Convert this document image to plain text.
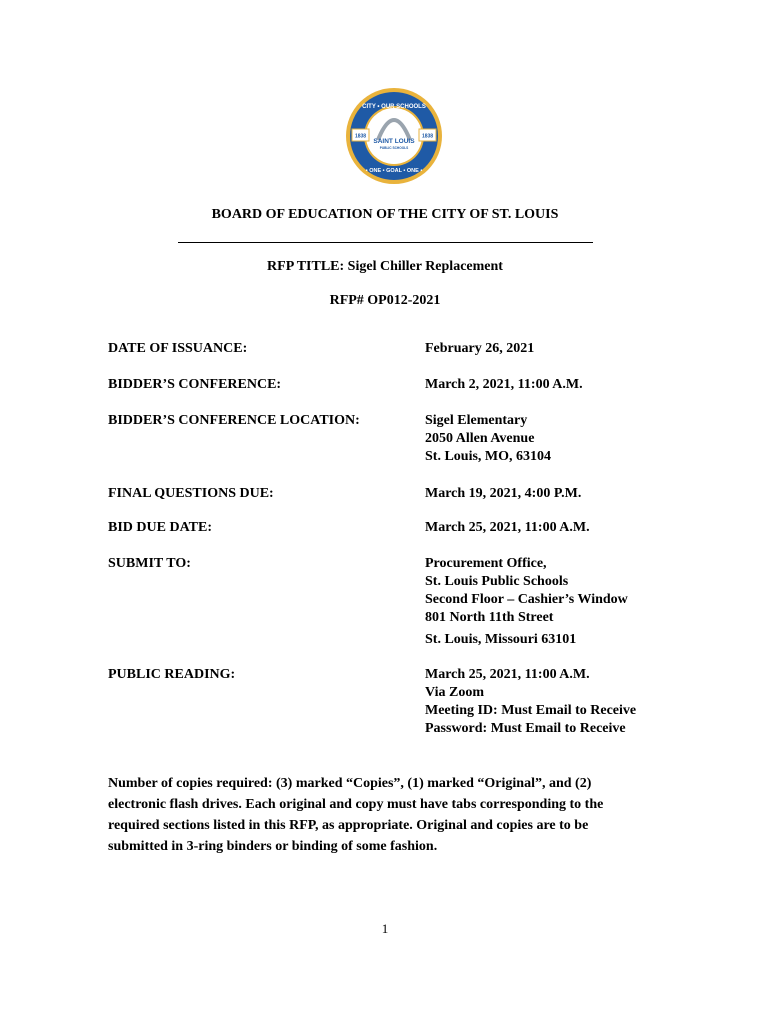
1838	1838
CITY • OUR SCHOOLS
SAINT LOUIS
PUBLIC SCHOOLS
• ONE • GOAL • ONE •
BOARD OF EDUCATION OF THE CITY OF ST. LOUIS
RFP TITLE: Sigel Chiller Replacement
RFP# OP012-2021
DATE OF ISSUANCE:	February 26, 2021
BIDDER’S CONFERENCE:	March 2, 2021, 11:00 A.M.
BIDDER’S CONFERENCE LOCATION:	Sigel Elementary
2050 Allen Avenue
St. Louis, MO, 63104
FINAL QUESTIONS DUE:	March 19, 2021, 4:00 P.M.
BID DUE DATE:	March 25, 2021, 11:00 A.M.
SUBMIT TO:	Procurement Office,
St. Louis Public Schools
Second Floor – Cashier’s Window
801 North 11th Street
St. Louis, Missouri 63101
PUBLIC READING:	March 25, 2021, 11:00 A.M.
Via Zoom
Meeting ID: Must Email to Receive
Password: Must Email to Receive
Number of copies required: (3) marked “Copies”, (1) marked “Original”, and (2)
electronic flash drives. Each original and copy must have tabs corresponding to the
required sections listed in this RFP, as appropriate. Original and copies are to be
submitted in 3-ring binders or binding of some fashion.
1
